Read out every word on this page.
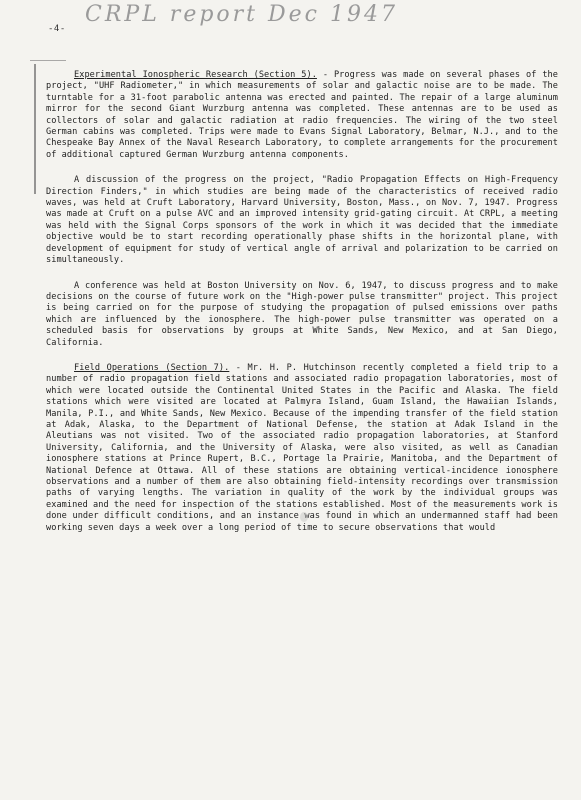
CRPL report Dec 1947
-4-

Experimental Ionospheric Research (Section 5). - Progress was made on several phases of the project, "UHF Radiometer," in which measurements of solar and galactic noise are to be made. The turntable for a 31-foot parabolic antenna was erected and painted. The repair of a large aluminum mirror for the second Giant Wurzburg antenna was completed. These antennas are to be used as collectors of solar and galactic radiation at radio frequencies. The wiring of the two steel German cabins was completed. Trips were made to Evans Signal Laboratory, Belmar, N.J., and to the Chespeake Bay Annex of the Naval Research Laboratory, to complete arrangements for the procurement of additional captured German Wurzburg antenna components.

A discussion of the progress on the project, "Radio Propagation Effects on High-Frequency Direction Finders," in which studies are being made of the characteristics of received radio waves, was held at Cruft Laboratory, Harvard University, Boston, Mass., on Nov. 7, 1947. Progress was made at Cruft on a pulse AVC and an improved intensity grid-gating circuit. At CRPL, a meeting was held with the Signal Corps sponsors of the work in which it was decided that the immediate objective would be to start recording operationally phase shifts in the horizontal plane, with development of equipment for study of vertical angle of arrival and polarization to be carried on simultaneously.

A conference was held at Boston University on Nov. 6, 1947, to discuss progress and to make decisions on the course of future work on the "High-power pulse transmitter" project. This project is being carried on for the purpose of studying the propagation of pulsed emissions over paths which are influenced by the ionosphere. The high-power pulse transmitter was operated on a scheduled basis for observations by groups at White Sands, New Mexico, and at San Diego, California.

Field Operations (Section 7). - Mr. H. P. Hutchinson recently completed a field trip to a number of radio propagation field stations and associated radio propagation laboratories, most of which were located outside the Continental United States in the Pacific and Alaska. The field stations which were visited are located at Palmyra Island, Guam Island, the Hawaiian Islands, Manila, P.I., and White Sands, New Mexico. Because of the impending transfer of the field station at Adak, Alaska, to the Department of National Defense, the station at Adak Island in the Aleutians was not visited. Two of the associated radio propagation laboratories, at Stanford University, California, and the University of Alaska, were also visited, as well as Canadian ionosphere stations at Prince Rupert, B.C., Portage la Prairie, Manitoba, and the Department of National Defence at Ottawa. All of these stations are obtaining vertical-incidence ionosphere observations and a number of them are also obtaining field-intensity recordings over transmission paths of varying lengths. The variation in quality of the work by the individual groups was examined and the need for inspection of the stations established. Most of the measurements work is done under difficult conditions, and an instance was found in which an undermanned staff had been working seven days a week over a long period of time to secure observations that would
